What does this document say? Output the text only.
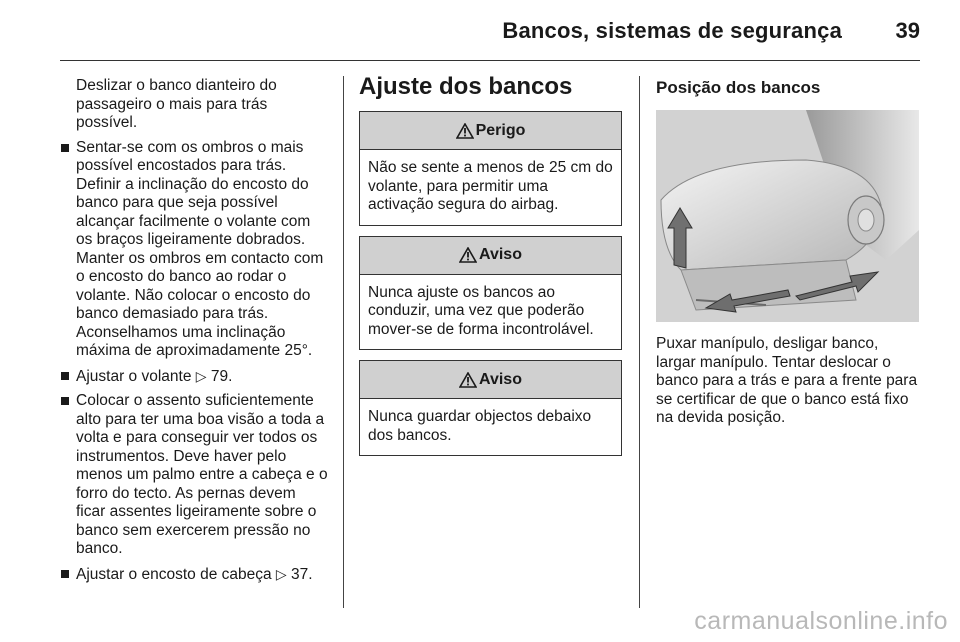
Bancos, sistemas de segurança 39

Deslizar o banco dianteiro do passageiro o mais para trás possível.

Sentar-se com os ombros o mais possível encostados para trás. Definir a inclinação do encosto do banco para que seja possível alcançar facilmente o volante com os braços ligeiramente dobrados. Manter os ombros em contacto com o encosto do banco ao rodar o volante. Não colocar o encosto do banco demasiado para trás. Aconselhamos uma inclinação máxima de aproximadamente 25°.
Ajustar o volante ▷ 79.
Colocar o assento suficientemente alto para ter uma boa visão a toda a volta e para conseguir ver todos os instrumentos. Deve haver pelo menos um palmo entre a cabeça e o forro do tecto. As pernas devem ficar assentes ligeiramente sobre o banco sem exercerem pressão no banco.
Ajustar o encosto de cabeça ▷ 37.
Ajuste dos bancos
Perigo
Não se sente a menos de 25 cm do volante, para permitir uma activação segura do airbag.
Aviso
Nunca ajuste os bancos ao conduzir, uma vez que poderão mover-se de forma incontrolável.
Aviso
Nunca guardar objectos debaixo dos bancos.
Posição dos bancos
Puxar manípulo, desligar banco, largar manípulo. Tentar deslocar o banco para a trás e para a frente para se certificar de que o banco está fixo na devida posição.
carmanualsonline.info
